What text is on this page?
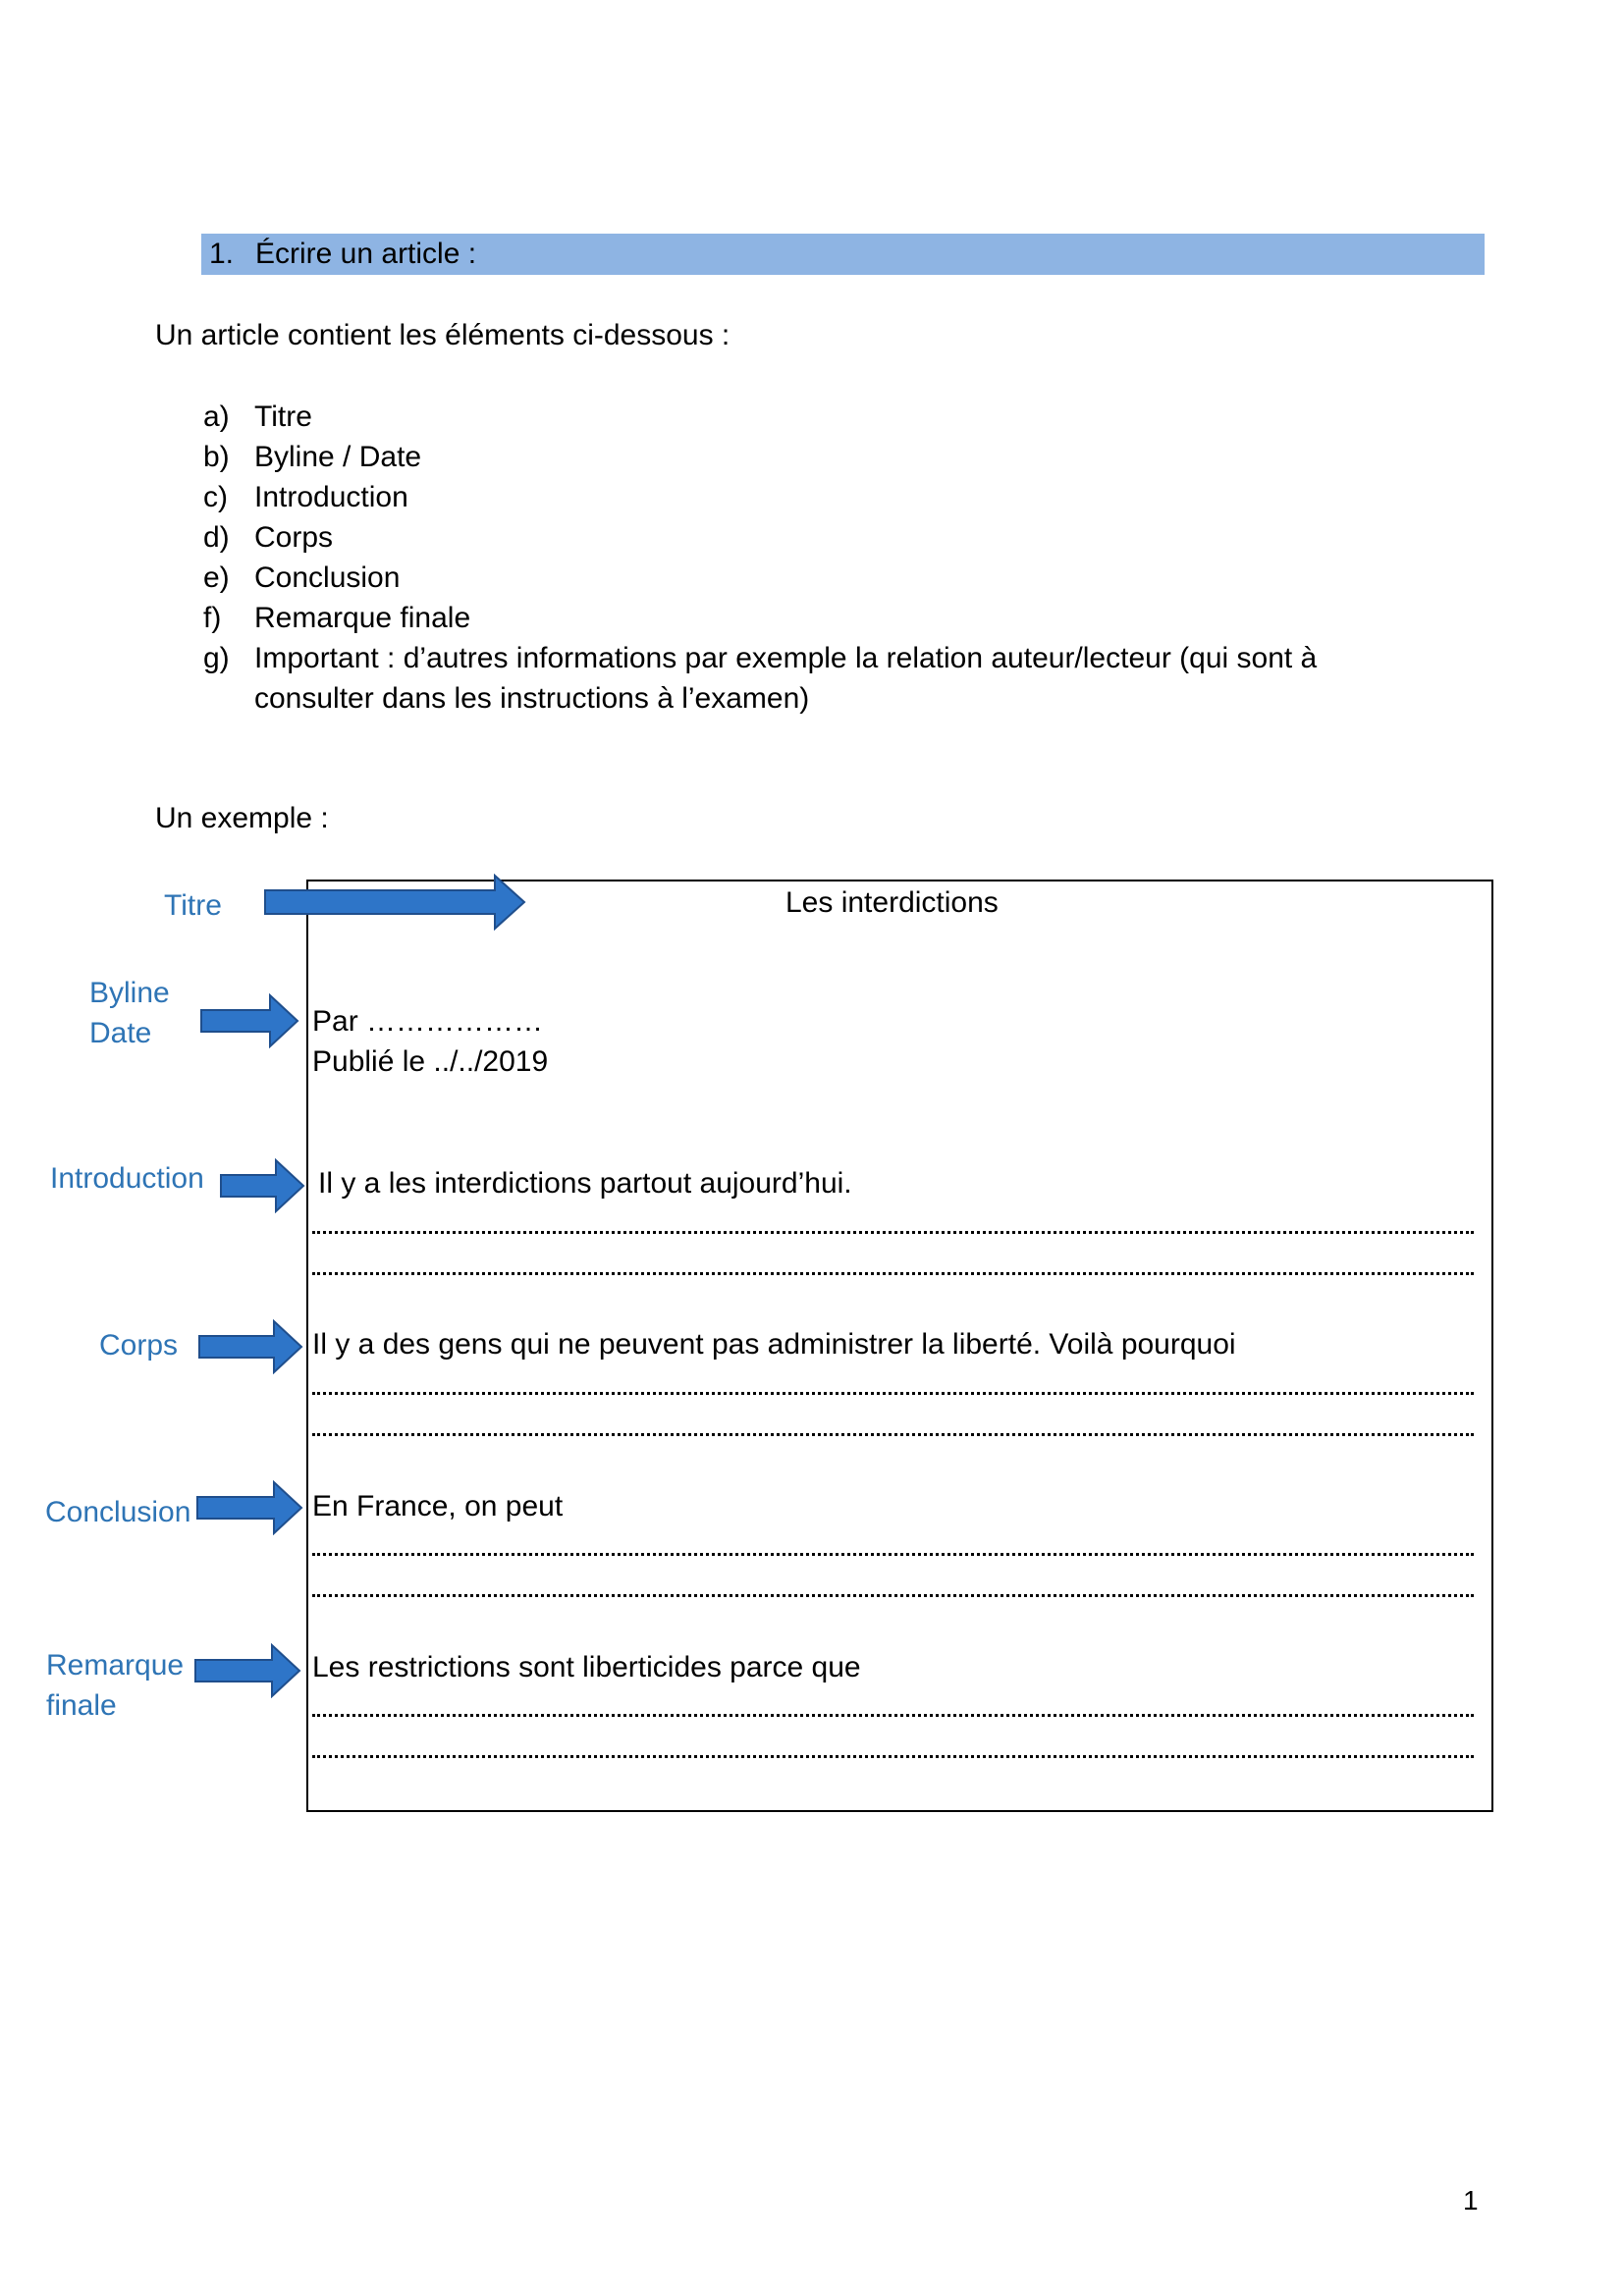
1. Écrire un article :
Un article contient les éléments ci-dessous :
a) Titre
b) Byline / Date
c) Introduction
d) Corps
e) Conclusion
f) Remarque finale
g) Important : d’autres informations par exemple la relation auteur/lecteur (qui sont à
consulter dans les instructions à l’examen)
Un exemple :
Les interdictions
Par ………………
Publié le ../../2019
Il y a les interdictions partout aujourd’hui.
Il y a des gens qui ne peuvent pas administrer la liberté. Voilà pourquoi
En France, on peut
Les restrictions sont liberticides parce que
Titre
Byline
Date
Introduction
Corps
Conclusion
Remarque
finale
1
